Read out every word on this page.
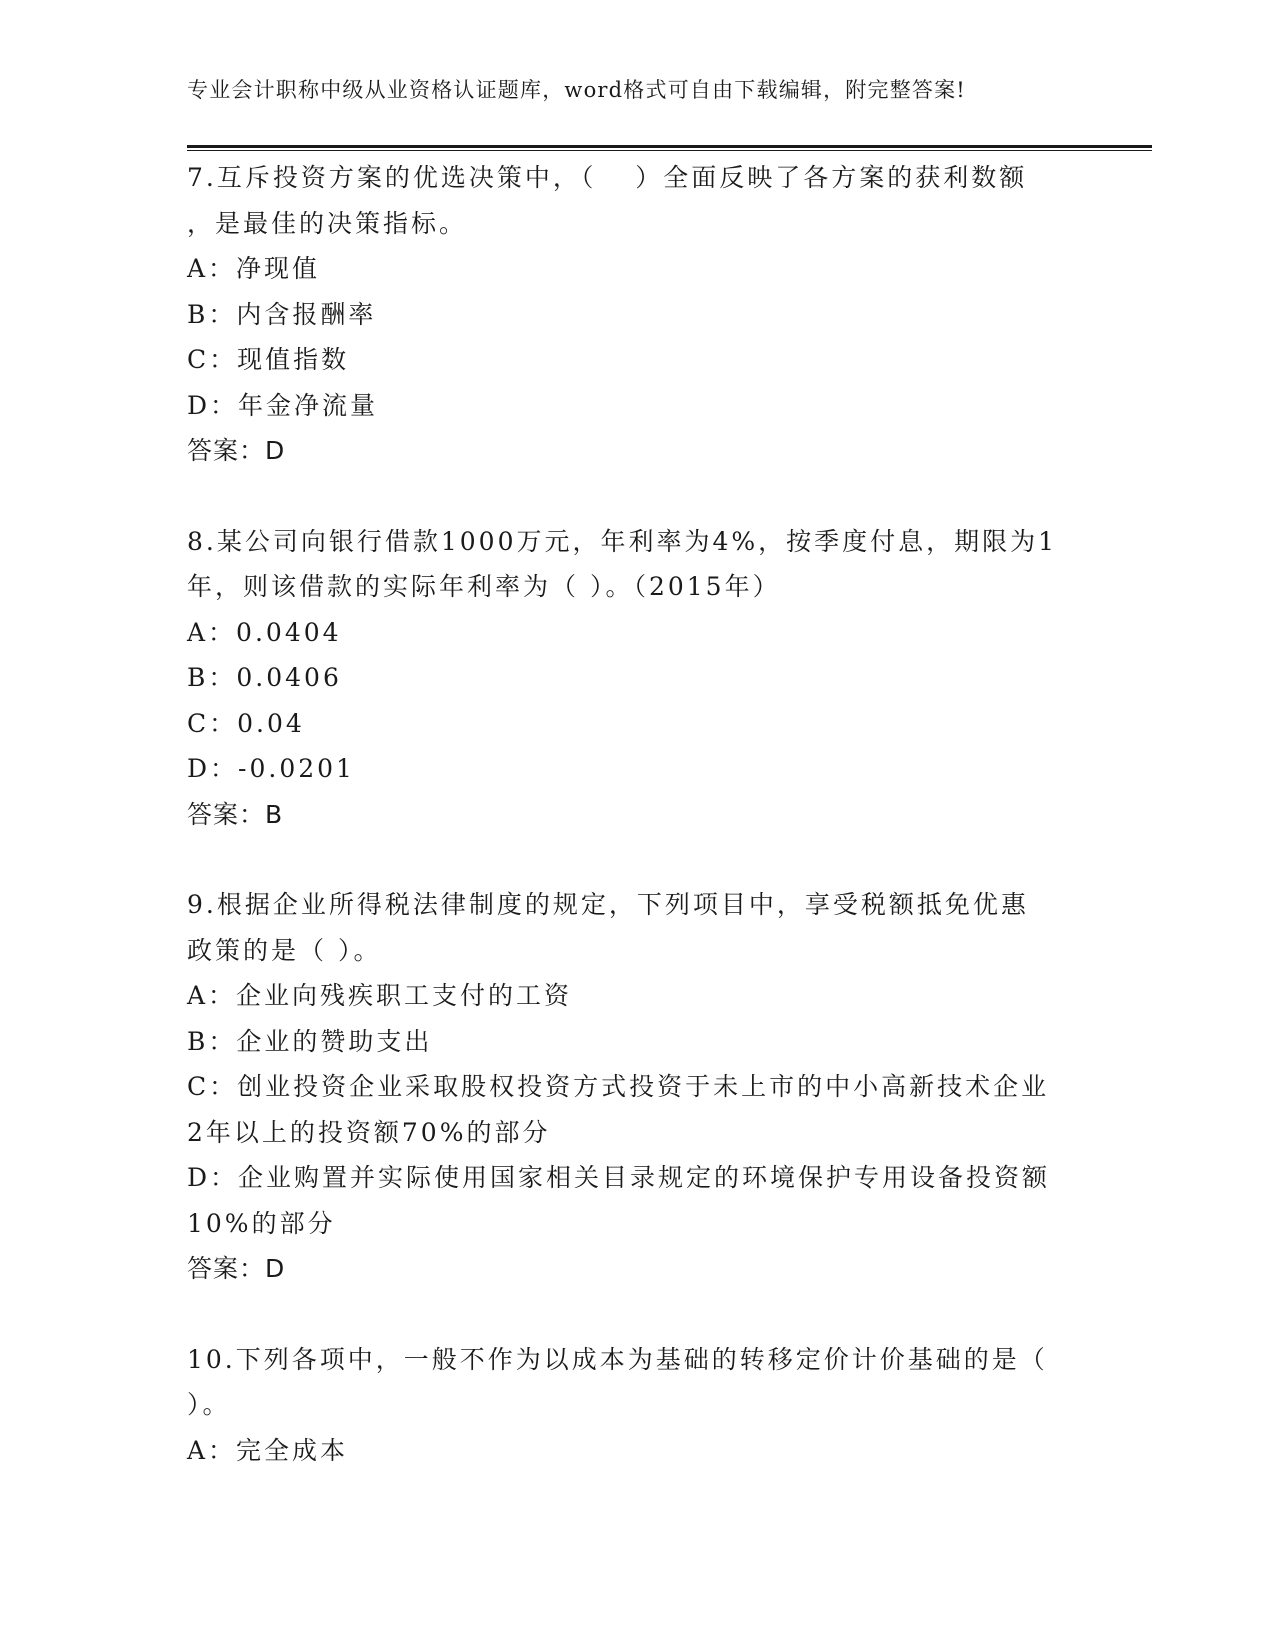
专业会计职称中级从业资格认证题库，word格式可自由下载编辑，附完整答案!
7.互斥投资方案的优选决策中，（　 ）全面反映了各方案的获利数额
，是最佳的决策指标。
A：净现值
B：内含报酬率
C：现值指数
D：年金净流量
答案：D
8.某公司向银行借款1000万元，年利率为4%，按季度付息，期限为1
年，则该借款的实际年利率为（ ）。（2015年）
A：0.0404
B：0.0406
C：0.04
D：-0.0201
答案：B
9.根据企业所得税法律制度的规定，下列项目中，享受税额抵免优惠
政策的是（ ）。
A：企业向残疾职工支付的工资
B：企业的赞助支出
C：创业投资企业采取股权投资方式投资于未上市的中小高新技术企业
2年以上的投资额70%的部分
D：企业购置并实际使用国家相关目录规定的环境保护专用设备投资额
10%的部分
答案：D
10.下列各项中，一般不作为以成本为基础的转移定价计价基础的是（
）。
A：完全成本
